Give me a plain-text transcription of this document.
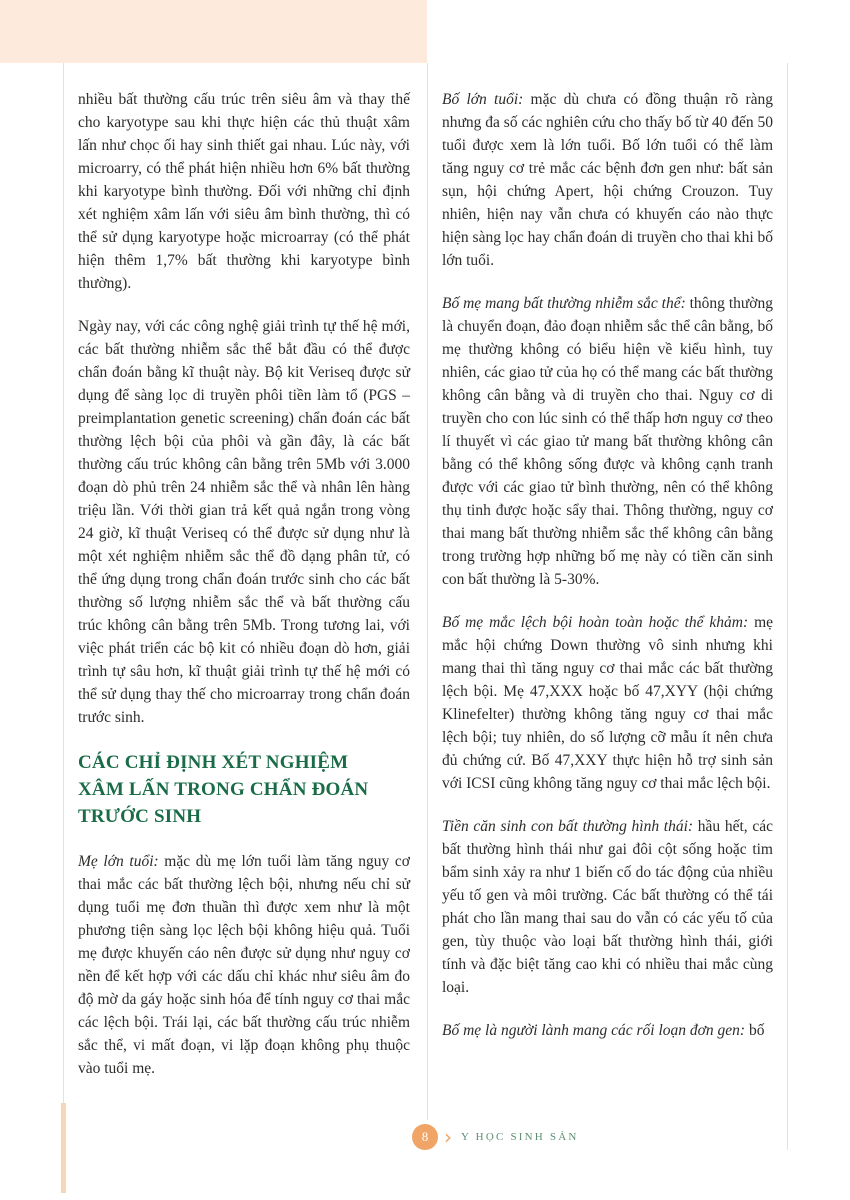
nhiều bất thường cấu trúc trên siêu âm và thay thế cho karyotype sau khi thực hiện các thủ thuật xâm lấn như chọc ối hay sinh thiết gai nhau. Lúc này, với microarry, có thể phát hiện nhiều hơn 6% bất thường khi karyotype bình thường. Đối với những chỉ định xét nghiệm xâm lấn với siêu âm bình thường, thì có thể sử dụng karyotype hoặc microarray (có thể phát hiện thêm 1,7% bất thường khi karyotype bình thường).

Ngày nay, với các công nghệ giải trình tự thế hệ mới, các bất thường nhiễm sắc thể bắt đầu có thể được chẩn đoán bằng kĩ thuật này. Bộ kit Veriseq được sử dụng để sàng lọc di truyền phôi tiền làm tổ (PGS – preimplantation genetic screening) chẩn đoán các bất thường lệch bội của phôi và gần đây, là các bất thường cấu trúc không cân bằng trên 5Mb với 3.000 đoạn dò phủ trên 24 nhiễm sắc thể và nhân lên hàng triệu lần. Với thời gian trả kết quả ngắn trong vòng 24 giờ, kĩ thuật Veriseq có thể được sử dụng như là một xét nghiệm nhiễm sắc thể đồ dạng phân tử, có thể ứng dụng trong chẩn đoán trước sinh cho các bất thường số lượng nhiễm sắc thể và bất thường cấu trúc không cân bằng trên 5Mb. Trong tương lai, với việc phát triển các bộ kit có nhiều đoạn dò hơn, giải trình tự sâu hơn, kĩ thuật giải trình tự thế hệ mới có thể sử dụng thay thế cho microarray trong chẩn đoán trước sinh.

CÁC CHỈ ĐỊNH XÉT NGHIỆM
XÂM LẤN TRONG CHẨN ĐOÁN
TRƯỚC SINH

Mẹ lớn tuổi: mặc dù mẹ lớn tuổi làm tăng nguy cơ thai mắc các bất thường lệch bội, nhưng nếu chỉ sử dụng tuổi mẹ đơn thuần thì được xem như là một phương tiện sàng lọc lệch bội không hiệu quả. Tuổi mẹ được khuyến cáo nên được sử dụng như nguy cơ nền để kết hợp với các dấu chỉ khác như siêu âm đo độ mờ da gáy hoặc sinh hóa để tính nguy cơ thai mắc các lệch bội. Trái lại, các bất thường cấu trúc nhiễm sắc thể, vi mất đoạn, vi lặp đoạn không phụ thuộc vào tuổi mẹ.

Bố lớn tuổi: mặc dù chưa có đồng thuận rõ ràng nhưng đa số các nghiên cứu cho thấy bố từ 40 đến 50 tuổi được xem là lớn tuổi. Bố lớn tuổi có thể làm tăng nguy cơ trẻ mắc các bệnh đơn gen như: bất sản sụn, hội chứng Apert, hội chứng Crouzon. Tuy nhiên, hiện nay vẫn chưa có khuyến cáo nào thực hiện sàng lọc hay chẩn đoán di truyền cho thai khi bố lớn tuổi.

Bố mẹ mang bất thường nhiễm sắc thể: thông thường là chuyển đoạn, đảo đoạn nhiễm sắc thể cân bằng, bố mẹ thường không có biểu hiện về kiểu hình, tuy nhiên, các giao tử của họ có thể mang các bất thường không cân bằng và di truyền cho thai. Nguy cơ di truyền cho con lúc sinh có thể thấp hơn nguy cơ theo lí thuyết vì các giao tử mang bất thường không cân bằng có thể không sống được và không cạnh tranh được với các giao tử bình thường, nên có thể không thụ tinh được hoặc sẩy thai. Thông thường, nguy cơ thai mang bất thường nhiễm sắc thể không cân bằng trong trường hợp những bố mẹ này có tiền căn sinh con bất thường là 5-30%.

Bố mẹ mắc lệch bội hoàn toàn hoặc thể khảm: mẹ mắc hội chứng Down thường vô sinh nhưng khi mang thai thì tăng nguy cơ thai mắc các bất thường lệch bội. Mẹ 47,XXX hoặc bố 47,XYY (hội chứng Klinefelter) thường không tăng nguy cơ thai mắc lệch bội; tuy nhiên, do số lượng cỡ mẫu ít nên chưa đủ chứng cứ. Bố 47,XXY thực hiện hỗ trợ sinh sản với ICSI cũng không tăng nguy cơ thai mắc lệch bội.

Tiền căn sinh con bất thường hình thái: hầu hết, các bất thường hình thái như gai đôi cột sống hoặc tim bẩm sinh xảy ra như 1 biến cố do tác động của nhiều yếu tố gen và môi trường. Các bất thường có thể tái phát cho lần mang thai sau do vẫn có các yếu tố của gen, tùy thuộc vào loại bất thường hình thái, giới tính và đặc biệt tăng cao khi có nhiều thai mắc cùng loại.

Bố mẹ là người lành mang các rối loạn đơn gen: bố

8 › Y HỌC SINH SẢN
